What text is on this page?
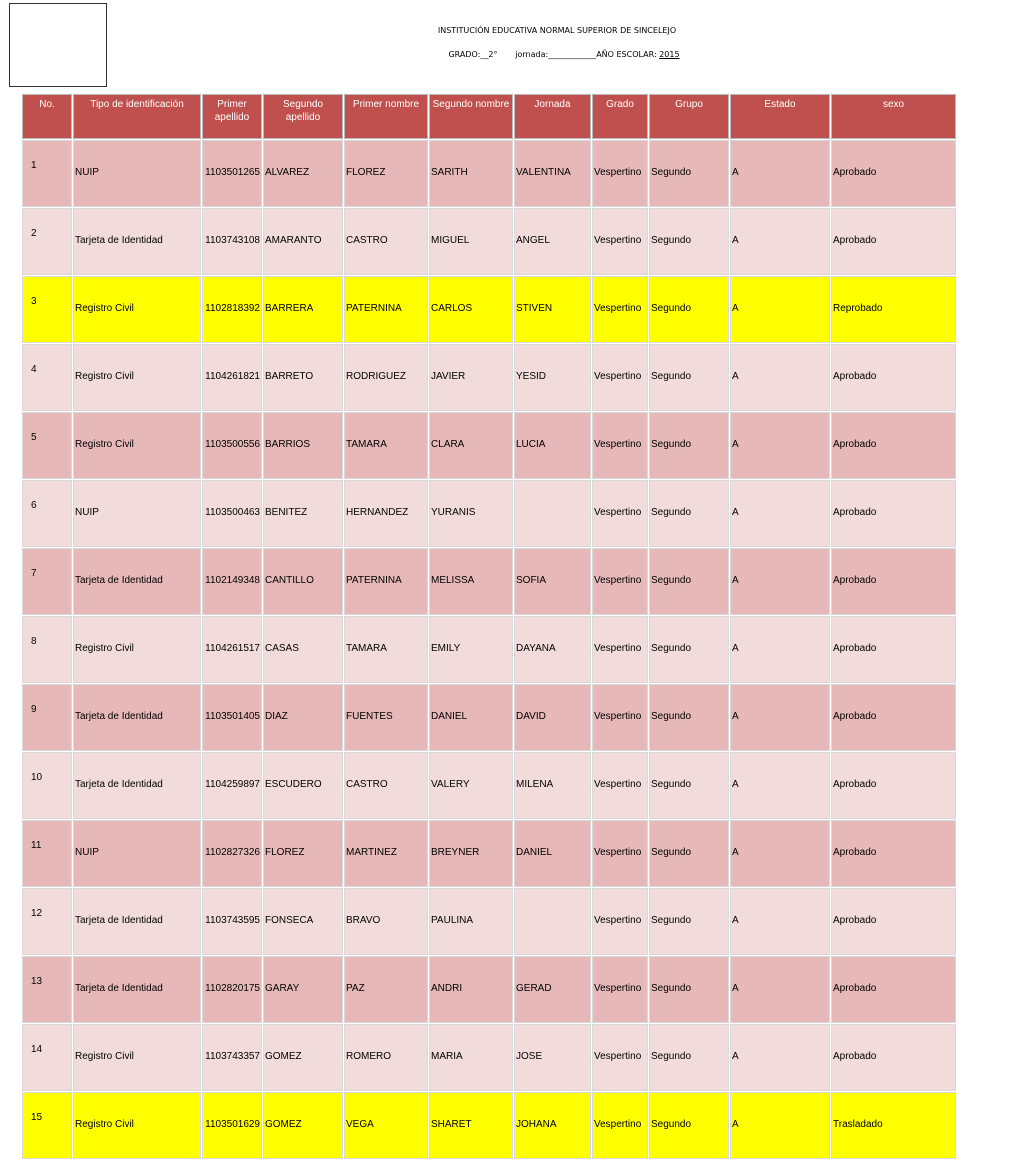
INSTITUCIÓN EDUCATIVA NORMAL SUPERIOR DE SINCELEJO
GRADO:__2° jornada:____________AÑO ESCOLAR: 2015
No.	Tipo de identificación	Primer apellido	Segundo apellido	Primer nombre	Segundo nombre	Jornada	Grado	Grupo	Estado	sexo
1	NUIP	1103501265	ALVAREZ	FLOREZ	SARITH	VALENTINA	Vespertino	Segundo	A	Aprobado
2	Tarjeta de Identidad	1103743108	AMARANTO	CASTRO	MIGUEL	ANGEL	Vespertino	Segundo	A	Aprobado
3	Registro Civil	1102818392	BARRERA	PATERNINA	CARLOS	STIVEN	Vespertino	Segundo	A	Reprobado
4	Registro Civil	1104261821	BARRETO	RODRIGUEZ	JAVIER	YESID	Vespertino	Segundo	A	Aprobado
5	Registro Civil	1103500556	BARRIOS	TAMARA	CLARA	LUCIA	Vespertino	Segundo	A	Aprobado
6	NUIP	1103500463	BENITEZ	HERNANDEZ	YURANIS		Vespertino	Segundo	A	Aprobado
7	Tarjeta de Identidad	1102149348	CANTILLO	PATERNINA	MELISSA	SOFIA	Vespertino	Segundo	A	Aprobado
8	Registro Civil	1104261517	CASAS	TAMARA	EMILY	DAYANA	Vespertino	Segundo	A	Aprobado
9	Tarjeta de Identidad	1103501405	DIAZ	FUENTES	DANIEL	DAVID	Vespertino	Segundo	A	Aprobado
10	Tarjeta de Identidad	1104259897	ESCUDERO	CASTRO	VALERY	MILENA	Vespertino	Segundo	A	Aprobado
11	NUIP	1102827326	FLOREZ	MARTINEZ	BREYNER	DANIEL	Vespertino	Segundo	A	Aprobado
12	Tarjeta de Identidad	1103743595	FONSECA	BRAVO	PAULINA		Vespertino	Segundo	A	Aprobado
13	Tarjeta de Identidad	1102820175	GARAY	PAZ	ANDRI	GERAD	Vespertino	Segundo	A	Aprobado
14	Registro Civil	1103743357	GOMEZ	ROMERO	MARIA	JOSE	Vespertino	Segundo	A	Aprobado
15	Registro Civil	1103501629	GOMEZ	VEGA	SHARET	JOHANA	Vespertino	Segundo	A	Trasladado
